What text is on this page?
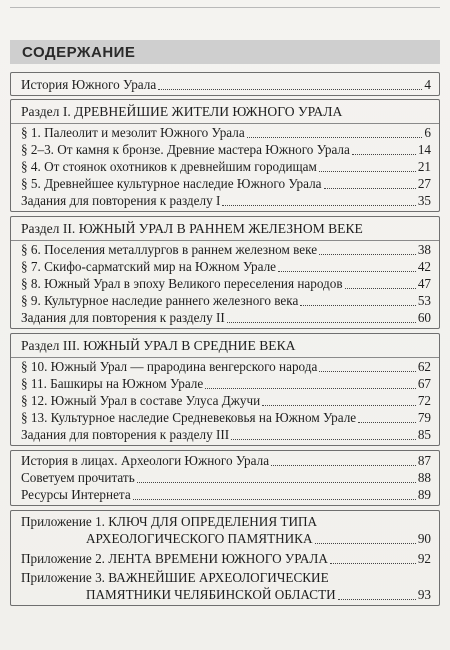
СОДЕРЖАНИЕ
История Южного Урала	4
Раздел I. ДРЕВНЕЙШИЕ ЖИТЕЛИ ЮЖНОГО УРАЛА
§ 1. Палеолит и мезолит Южного Урала	6
§ 2–3. От камня к бронзе. Древние мастера Южного Урала	14
§ 4. От стоянок охотников к древнейшим городищам	21
§ 5. Древнейшее культурное наследие Южного Урала	27
Задания для повторения к разделу I	35
Раздел II. ЮЖНЫЙ УРАЛ В РАННЕМ ЖЕЛЕЗНОМ ВЕКЕ
§ 6. Поселения металлургов в раннем железном веке	38
§ 7. Скифо-сарматский мир на Южном Урале	42
§ 8. Южный Урал в эпоху Великого переселения народов	47
§ 9. Культурное наследие раннего железного века	53
Задания для повторения к разделу II	60
Раздел III. ЮЖНЫЙ УРАЛ В СРЕДНИЕ ВЕКА
§ 10. Южный Урал — прародина венгерского народа	62
§ 11. Башкиры на Южном Урале	67
§ 12. Южный Урал в составе Улуса Джучи	72
§ 13. Культурное наследие Средневековья на Южном Урале	79
Задания для повторения к разделу III	85
История в лицах. Археологи Южного Урала	87
Советуем прочитать	88
Ресурсы Интернета	89
Приложение 1. КЛЮЧ ДЛЯ ОПРЕДЕЛЕНИЯ ТИПА
АРХЕОЛОГИЧЕСКОГО ПАМЯТНИКА	90
Приложение 2. ЛЕНТА ВРЕМЕНИ ЮЖНОГО УРАЛА	92
Приложение 3. ВАЖНЕЙШИЕ АРХЕОЛОГИЧЕСКИЕ
ПАМЯТНИКИ ЧЕЛЯБИНСКОЙ ОБЛАСТИ	93
